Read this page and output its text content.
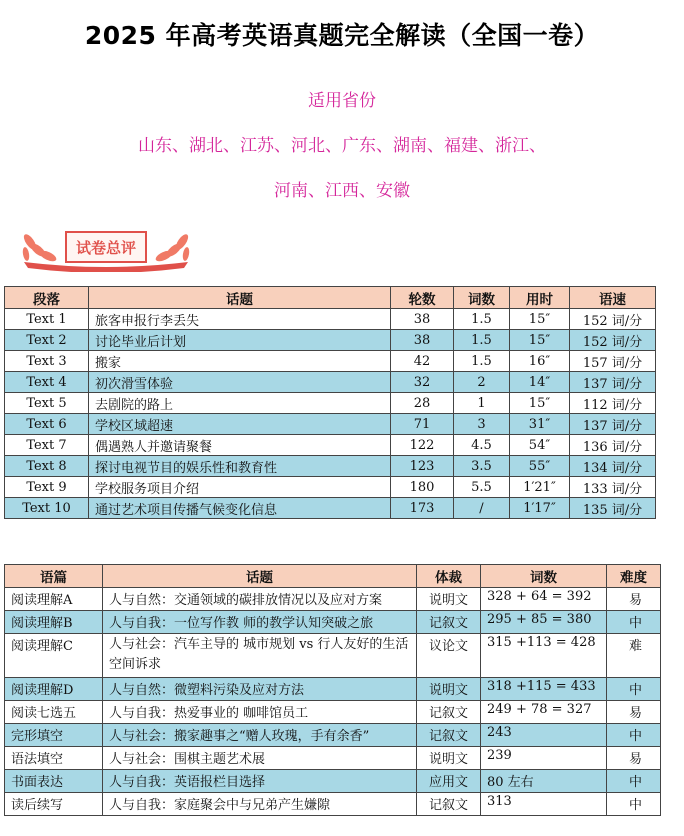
2025 年高考英语真题完全解读（全国一卷）
适用省份
山东、湖北、江苏、河北、广东、湖南、福建、浙江、
河南、江西、安徽
试卷总评
段落	话题	轮数	词数	用时	语速
Text 1	旅客申报行李丢失	38	1.5	15″	152 词/分
Text 2	讨论毕业后计划	38	1.5	15″	152 词/分
Text 3	搬家	42	1.5	16″	157 词/分
Text 4	初次滑雪体验	32	2	14″	137 词/分
Text 5	去剧院的路上	28	1	15″	112 词/分
Text 6	学校区域超速	71	3	31″	137 词/分
Text 7	偶遇熟人并邀请聚餐	122	4.5	54″	136 词/分
Text 8	探讨电视节目的娱乐性和教育性	123	3.5	55″	134 词/分
Text 9	学校服务项目介绍	180	5.5	1′21″	133 词/分
Text 10	通过艺术项目传播气候变化信息	173	/	1′17″	135 词/分
语篇	话题	体裁	词数	难度
阅读理解A	人与自然：交通领域的碳排放情况以及应对方案	说明文	328 + 64 = 392	易
阅读理解B	人与自我：一位写作教 师的教学认知突破之旅	记叙文	295 + 85 = 380	中
阅读理解C	人与社会：汽车主导的 城市规划 vs 行人友好的生活空间诉求	议论文	315 +113 = 428	难
阅读理解D	人与自然：微塑料污染及应对方法	说明文	318 +115 = 433	中
阅读七选五	人与自我：热爱事业的 咖啡馆员工	记叙文	249 + 78 = 327	易
完形填空	人与社会：搬家趣事之“赠人玫瑰，手有余香”	记叙文	243	中
语法填空	人与社会：围棋主题艺术展	说明文	239	易
书面表达	人与自我：英语报栏目选择	应用文	80 左右	中
读后续写	人与自我：家庭聚会中与兄弟产生嫌隙	记叙文	313	中
